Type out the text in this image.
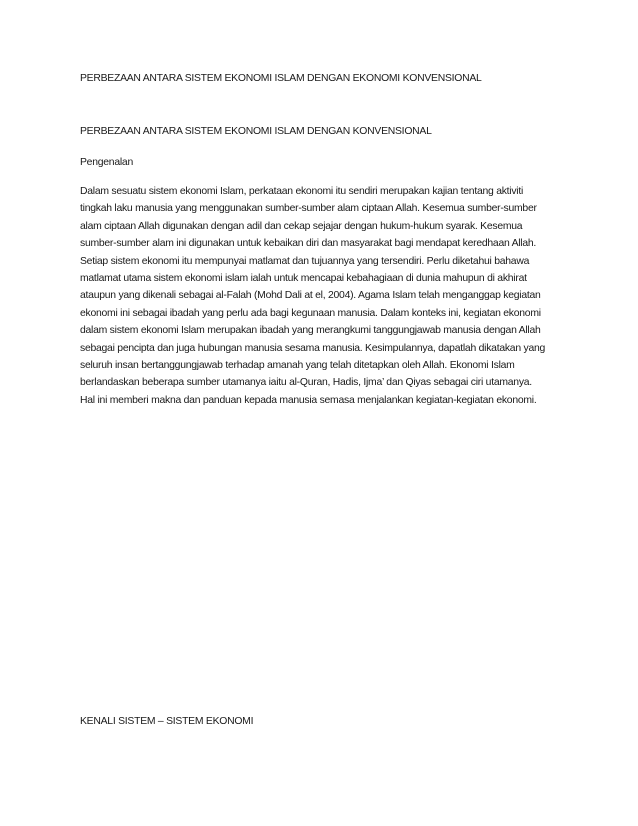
PERBEZAAN ANTARA SISTEM EKONOMI ISLAM DENGAN EKONOMI KONVENSIONAL
PERBEZAAN ANTARA SISTEM EKONOMI ISLAM DENGAN KONVENSIONAL
Pengenalan
Dalam sesuatu sistem ekonomi Islam, perkataan ekonomi itu sendiri merupakan kajian tentang aktiviti
tingkah laku manusia yang menggunakan sumber-sumber alam ciptaan Allah. Kesemua sumber-sumber
alam ciptaan Allah digunakan dengan adil dan cekap sejajar dengan hukum-hukum syarak. Kesemua
sumber-sumber alam ini digunakan untuk kebaikan diri dan masyarakat bagi mendapat keredhaan Allah.
Setiap sistem ekonomi itu mempunyai matlamat dan tujuannya yang tersendiri. Perlu diketahui bahawa
matlamat utama sistem ekonomi islam ialah untuk mencapai kebahagiaan di dunia mahupun di akhirat
ataupun yang dikenali sebagai al-Falah (Mohd Dali at el, 2004). Agama Islam telah menganggap kegiatan
ekonomi ini sebagai ibadah yang perlu ada bagi kegunaan manusia. Dalam konteks ini, kegiatan ekonomi
dalam sistem ekonomi Islam merupakan ibadah yang merangkumi tanggungjawab manusia dengan Allah
sebagai pencipta dan juga hubungan manusia sesama manusia. Kesimpulannya, dapatlah dikatakan yang
seluruh insan bertanggungjawab terhadap amanah yang telah ditetapkan oleh Allah. Ekonomi Islam
berlandaskan beberapa sumber utamanya iaitu al-Quran, Hadis, Ijma’ dan Qiyas sebagai ciri utamanya.
Hal ini memberi makna dan panduan kepada manusia semasa menjalankan kegiatan-kegiatan ekonomi.
KENALI SISTEM – SISTEM EKONOMI
